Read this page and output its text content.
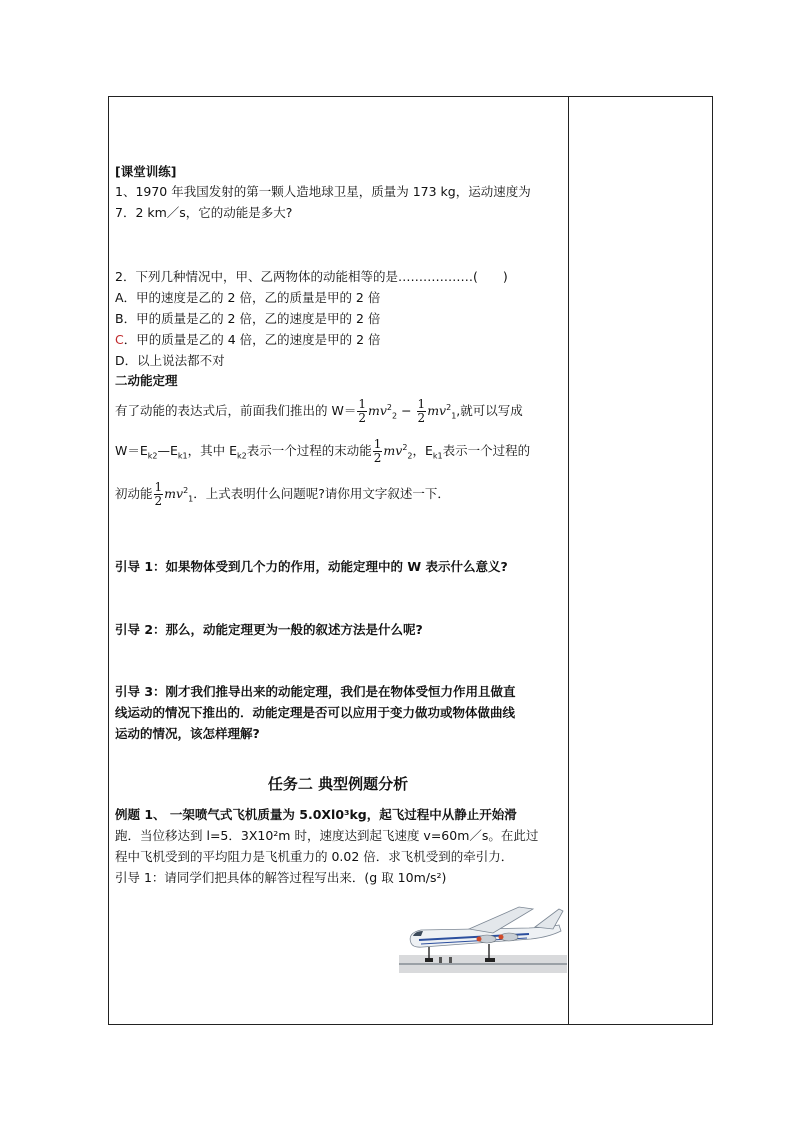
[课堂训练]
1、1970 年我国发射的第一颗人造地球卫星，质量为 173 kg，运动速度为
7．2 km／s，它的动能是多大?
2．下列几种情况中，甲、乙两物体的动能相等的是………………(　　)
A．甲的速度是乙的 2 倍，乙的质量是甲的 2 倍
B．甲的质量是乙的 2 倍，乙的速度是甲的 2 倍
C．甲的质量是乙的 4 倍，乙的速度是甲的 2 倍
D．以上说法都不对
二动能定理
有了动能的表达式后，前面我们推出的 $W= \frac{1}{2} mv^2_2 - \frac{1}{2} mv^2_1$,就可以写成
$W=E_{k2}—E_{k1}$，其中 $E_{k2}$表示一个过程的末动能 $\frac{1}{2} mv^2_2$，$E_{k1}$表示一个过程的
初动能 $\frac{1}{2} mv^2_1$．上式表明什么问题呢?请你用文字叙述一下．
引导 1：如果物体受到几个力的作用，动能定理中的 W 表示什么意义?
引导 2：那么，动能定理更为一般的叙述方法是什么呢?
引导 3：刚才我们推导出来的动能定理，我们是在物体受恒力作用且做直
线运动的情况下推出的．动能定理是否可以应用于变力做功或物体做曲线
运动的情况，该怎样理解?
任务二 典型例题分析
例题 1、 一架喷气式飞机质量为 5.0Xl0³kg，起飞过程中从静止开始滑
跑．当位移达到 l=5．3X10²m 时，速度达到起飞速度 v=60m／s。在此过
程中飞机受到的平均阻力是飞机重力的 0.02 倍．求飞机受到的牵引力．
引导 1：请同学们把具体的解答过程写出来．(g 取 10m/s²)
